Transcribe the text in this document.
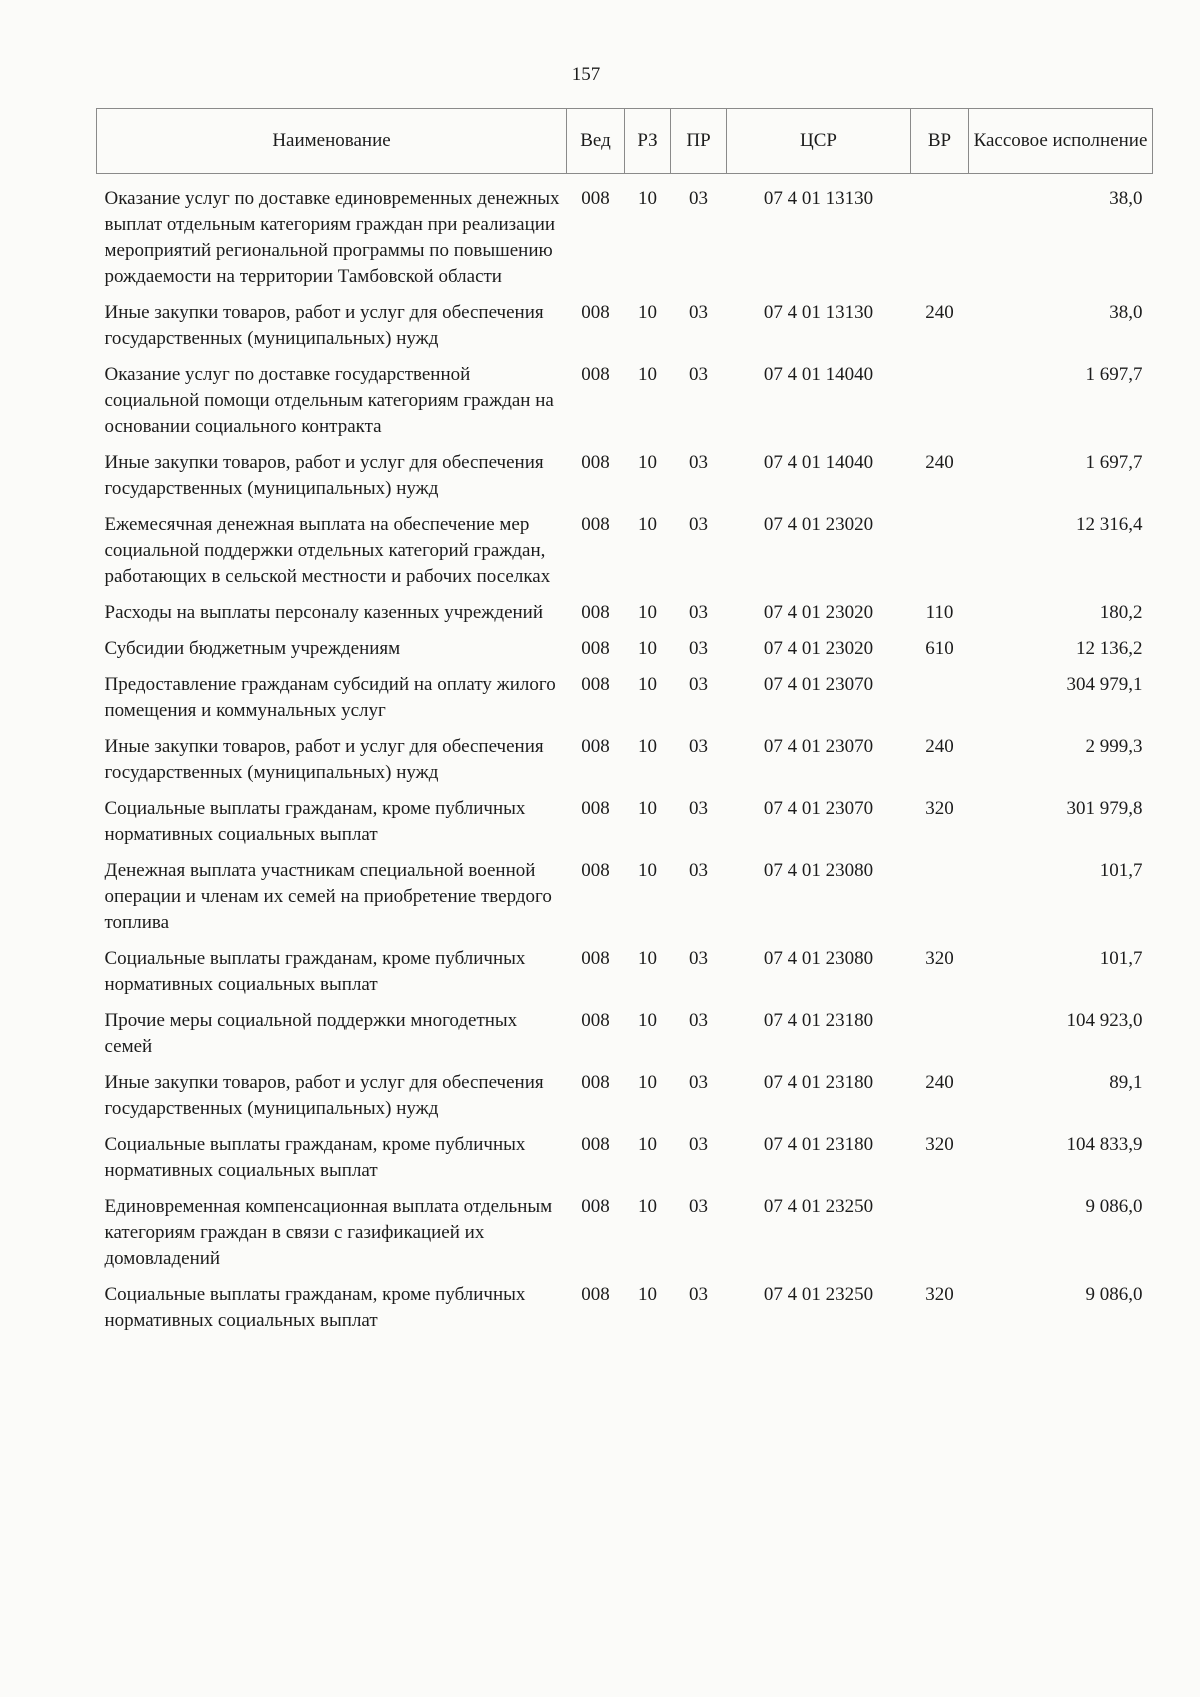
157
Наименование	Вед	РЗ	ПР	ЦСР	ВР	Кассовое исполнение

Оказание услуг по доставке единовременных денежных выплат отдельным категориям граждан при реализации мероприятий региональной программы по повышению рождаемости на территории Тамбовской области	008	10	03	07 4 01 13130		38,0
Иные закупки товаров, работ и услуг для обеспечения государственных (муниципальных) нужд	008	10	03	07 4 01 13130	240	38,0
Оказание услуг по доставке государственной социальной помощи отдельным категориям граждан на основании социального контракта	008	10	03	07 4 01 14040		1 697,7
Иные закупки товаров, работ и услуг для обеспечения государственных (муниципальных) нужд	008	10	03	07 4 01 14040	240	1 697,7
Ежемесячная денежная выплата на обеспечение мер социальной поддержки отдельных категорий граждан, работающих в сельской местности и рабочих поселках	008	10	03	07 4 01 23020		12 316,4
Расходы на выплаты персоналу казенных учреждений	008	10	03	07 4 01 23020	110	180,2
Субсидии бюджетным учреждениям	008	10	03	07 4 01 23020	610	12 136,2
Предоставление гражданам субсидий на оплату жилого помещения и коммунальных услуг	008	10	03	07 4 01 23070		304 979,1
Иные закупки товаров, работ и услуг для обеспечения государственных (муниципальных) нужд	008	10	03	07 4 01 23070	240	2 999,3
Социальные выплаты гражданам, кроме публичных нормативных социальных выплат	008	10	03	07 4 01 23070	320	301 979,8
Денежная выплата участникам специальной военной операции и членам их семей на приобретение твердого топлива	008	10	03	07 4 01 23080		101,7
Социальные выплаты гражданам, кроме публичных нормативных социальных выплат	008	10	03	07 4 01 23080	320	101,7
Прочие меры социальной поддержки многодетных семей	008	10	03	07 4 01 23180		104 923,0
Иные закупки товаров, работ и услуг для обеспечения государственных (муниципальных) нужд	008	10	03	07 4 01 23180	240	89,1
Социальные выплаты гражданам, кроме публичных нормативных социальных выплат	008	10	03	07 4 01 23180	320	104 833,9
Единовременная компенсационная выплата отдельным категориям граждан в связи с газификацией их домовладений	008	10	03	07 4 01 23250		9 086,0
Социальные выплаты гражданам, кроме публичных нормативных социальных выплат	008	10	03	07 4 01 23250	320	9 086,0
